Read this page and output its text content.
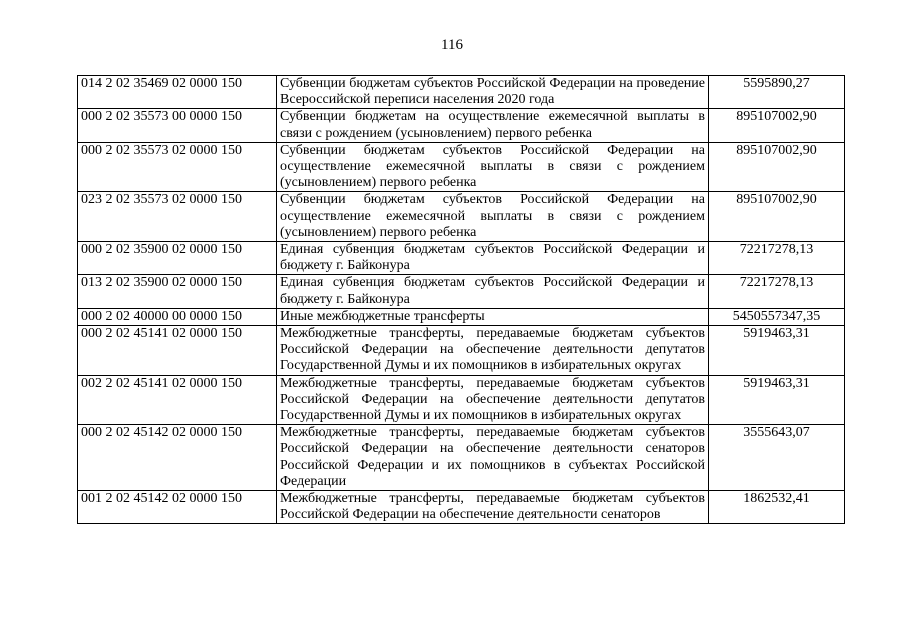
116
014 2 02 35469 02 0000 150	Субвенции бюджетам субъектов Российской Федерации на проведение Всероссийской переписи населения 2020 года	5595890,27
000 2 02 35573 00 0000 150	Субвенции бюджетам на осуществление ежемесячной выплаты в связи с рождением (усыновлением) первого ребенка	895107002,90
000 2 02 35573 02 0000 150	Субвенции бюджетам субъектов Российской Федерации на осуществление ежемесячной выплаты в связи с рождением (усыновлением) первого ребенка	895107002,90
023 2 02 35573 02 0000 150	Субвенции бюджетам субъектов Российской Федерации на осуществление ежемесячной выплаты в связи с рождением (усыновлением) первого ребенка	895107002,90
000 2 02 35900 02 0000 150	Единая субвенция бюджетам субъектов Российской Федерации и бюджету г. Байконура	72217278,13
013 2 02 35900 02 0000 150	Единая субвенция бюджетам субъектов Российской Федерации и бюджету г. Байконура	72217278,13
000 2 02 40000 00 0000 150	Иные межбюджетные трансферты	5450557347,35
000 2 02 45141 02 0000 150	Межбюджетные трансферты, передаваемые бюджетам субъектов Российской Федерации на обеспечение деятельности депутатов Государственной Думы и их помощников в избирательных округах	5919463,31
002 2 02 45141 02 0000 150	Межбюджетные трансферты, передаваемые бюджетам субъектов Российской Федерации на обеспечение деятельности депутатов Государственной Думы и их помощников в избирательных округах	5919463,31
000 2 02 45142 02 0000 150	Межбюджетные трансферты, передаваемые бюджетам субъектов Российской Федерации на обеспечение деятельности сенаторов Российской Федерации и их помощников в субъектах Российской Федерации	3555643,07
001 2 02 45142 02 0000 150	Межбюджетные трансферты, передаваемые бюджетам субъектов Российской Федерации на обеспечение деятельности сенаторов	1862532,41
